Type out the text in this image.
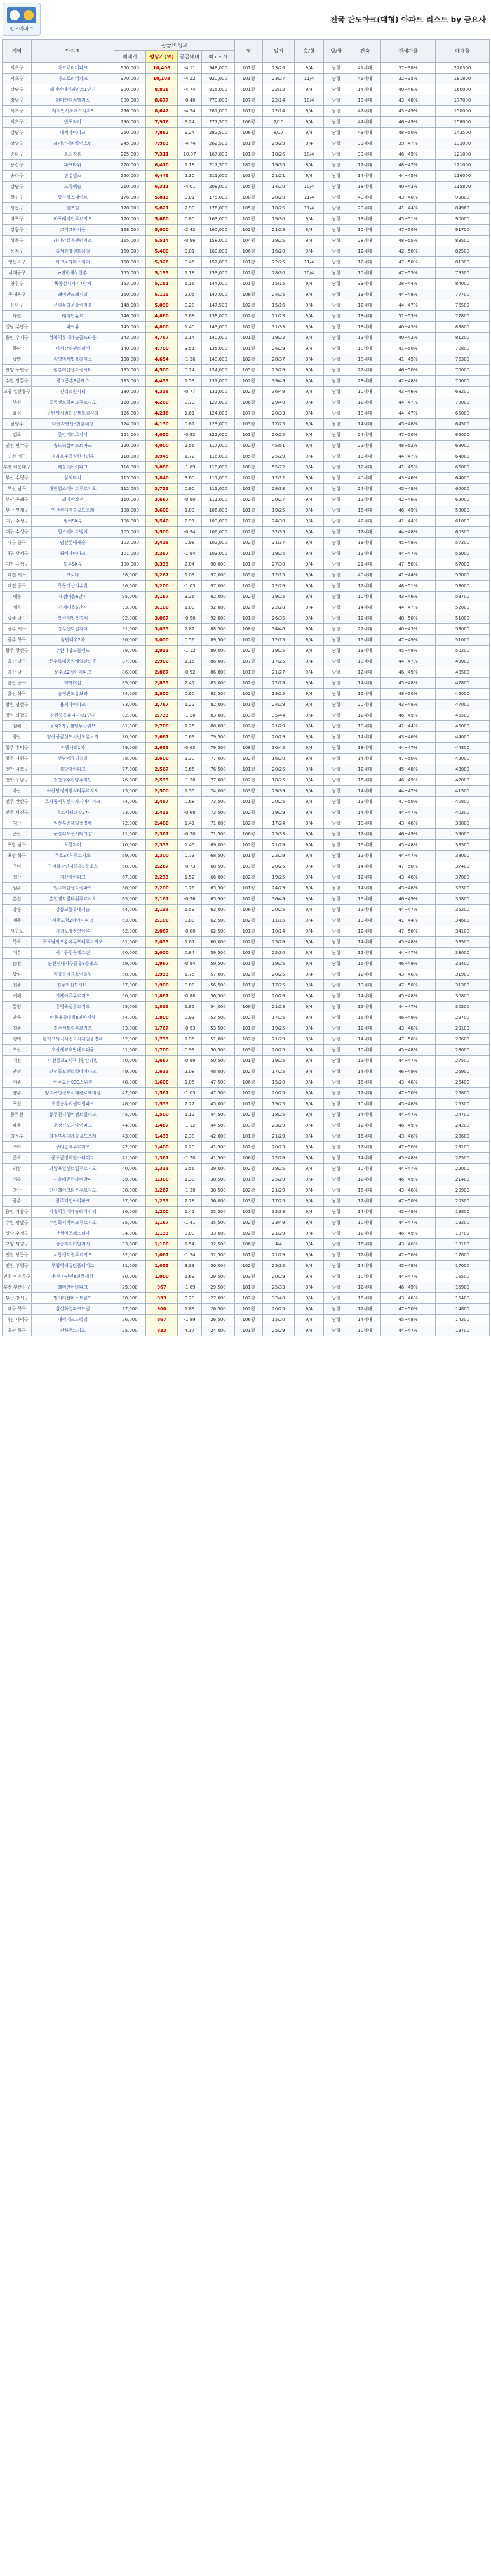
일조아파트
전국 판도아크(대형) 아파트 리스트 by 금요사
지역	단지명	공급액 정보				평	일자	층/향	방/향	건축	건세가율	매매율
		매매가	평당가(￦)	공급대비	최고시세							
서초구	아크로리버파크	950,000	10,406	-4.11	948,000	101평	23/26	9/4	남향	41세대	37~38%	220300
서초구	아크로리버파크	970,000	10,103	-4.22	920,000	101평	23/27	11/4	남향	41세대	32~35%	181800
강남구	래미안대치팰리스1단지	900,000	8,828	-4.74	815,000	101평	22/12	9/4	남향	14세대	40~46%	160000
강남구	래미안대치팰리스	880,000	8,677	-0.40	770,000	107평	22/14	10/4	남향	18세대	43~48%	177000
서초구	래미안서초에스티지S	296,000	8,642	-4.54	281,000	101평	22/14	9/4	남향	42세대	43~49%	150000
서초구	반포자이	290,000	7,976	9.24	277,500	106평	7/10	9/4	남향	44세대	46~49%	158000
강남구	대치아이파크	250,000	7,882	9.24	282,500	106평	8/17	9/4	남향	43세대	48~50%	143500
강남구	래미안대치하이스턴	245,000	7,963	-4.74	262,500	101평	29/29	9/4	남향	33세대	39~47%	133000
송파구	트리지움	225,000	7,311	10.97	167,000	101평	18/26	10/4	남향	33세대	46~49%	121000
용산구	파크타워	220,000	6,470	1.18	217,500	182평	19/35	8/4	남향	12세대	48~47%	121000
송파구	잠실엘스	220,000	6,448	2.30	211,000	103평	21/21	9/4	남향	14세대	44~45%	116000
강남구	도곡렉슬	210,000	6,311	-4.01	208,000	105평	14/20	10/4	남향	18세대	40~43%	115800
광진구	광장힐스테이트	176,000	5,813	0.01	175,000	108평	28/28	11/4	남향	40세대	43~40%	99800
성동구	텐즈힐	178,000	5,821	2.90	176,000	105평	18/25	11/4	남향	20세대	41~44%	84960
마포구	마포래미안푸르지오	170,000	5,660	0.80	163,000	102평	19/30	9/4	남향	18세대	45~51%	90000
강동구	고덕그라시움	168,000	5,600	-2.42	160,000	102평	21/28	8/4	남향	10세대	47~50%	91700
성북구	래미안길음센터피스	165,000	5,514	-0.96	158,000	104평	19/25	9/4	남향	28세대	48~55%	83500
동작구	흑석한강센트레빌	160,000	5,400	0.01	160,000	106평	16/20	9/4	남향	12세대	42~50%	82500
영등포구	아크로타워스퀘어	158,000	5,328	0.46	157,000	101평	22/25	11/4	남향	12세대	47~50%	81300
서대문구	e편한세상신촌	155,000	5,193	1.18	153,000	102평	28/30	10/4	남향	10세대	47~55%	79300
양천구	목동신시가지7단지	153,000	5,181	6.16	144,000	101평	15/15	9/4	남향	33세대	38~44%	84000
동대문구	래미안크레시티	150,000	5,125	2.05	147,000	106평	24/25	9/4	남향	13세대	44~48%	77700
은평구	은평뉴타운상림마을	148,000	5,090	0.28	147,500	102평	15/16	9/4	남향	12세대	44~47%	76500
과천	래미안슈르	146,000	4,860	5.68	138,000	102평	21/23	9/4	남향	18세대	51~53%	77800
성남 분당구	파크뷰	145,000	4,800	1.40	143,000	102평	31/33	9/4	남향	18세대	40~43%	83800
용인 수지구	성복역롯데캐슬골드타운	143,000	4,767	2.14	140,000	101평	19/22	9/4	남향	12세대	40~42%	81200
하남	미사강변센트리버	140,000	4,700	3.51	135,000	101평	26/29	9/4	남향	10세대	41~50%	70800
광명	광명역써밋플레이스	138,000	4,654	-1.36	140,000	102평	28/37	9/4	남향	18세대	41~45%	76300
안양 동안구	평촌더샵센트럴시티	135,000	4,500	0.74	134,000	105평	25/29	9/4	남향	22세대	46~50%	70000
수원 영통구	광교중흥S클래스	133,000	4,433	1.53	131,000	102평	39/49	9/4	남향	28세대	42~48%	75000
고양 일산동구	킨텍스원시티	130,000	4,338	-0.77	131,000	102평	36/49	9/4	남향	10세대	43~46%	68200
부천	중동센트럴파크푸르지오	128,000	4,280	0.79	127,000	106평	29/40	9/4	남향	12세대	44~47%	70000
화성	동탄역시범더샵센트럴시티	126,000	4,216	1.61	124,000	107평	20/33	9/4	남향	18세대	44~47%	65000
남양주	다산자연앤e편한세상	124,000	4,130	0.81	123,000	103평	17/25	9/4	남향	14세대	45~48%	64500
김포	한강메트로자이	121,000	4,050	-0.82	122,000	101평	20/25	9/4	남향	24세대	47~50%	66000
인천 연수구	송도더샵퍼스트파크	120,000	4,000	2.56	117,000	102평	45/51	9/4	남향	22세대	48~52%	68000
인천 서구	청라호수공원한신더휴	118,000	3,945	1.72	116,000	105평	25/29	9/4	남향	13세대	44~47%	64000
부산 해운대구	해운대아이파크	116,000	3,880	-1.69	118,000	108평	55/72	9/4	남향	12세대	41~45%	66000
부산 수영구	삼익비치	115,000	3,840	3.60	111,000	102평	12/12	9/4	남향	40세대	43~46%	64000
부산 남구	대연힐스테이트푸르지오	112,000	3,733	0.90	111,000	101평	28/33	9/4	남향	24세대	45~48%	60000
부산 동래구	래미안장전	110,000	3,667	-0.90	111,000	102평	20/27	9/4	남향	12세대	42~46%	62000
부산 연제구	연산롯데캐슬골드포레	108,000	3,600	1.89	106,000	101평	19/25	9/4	남향	16세대	46~49%	58000
대구 수성구	범어SK뷰	106,000	3,540	2.91	103,000	107평	24/30	9/4	남향	42세대	41~44%	61000
대구 수성구	힐스테이트범어	105,000	3,500	-0.94	106,000	102평	32/35	9/4	남향	12세대	44~48%	60300
대구 중구	남산롯데캐슬	103,000	3,438	0.98	102,000	102평	31/37	9/4	남향	18세대	45~48%	57300
대구 달서구	월배아이파크	101,000	3,367	-1.94	103,000	101평	19/24	9/4	남향	12세대	44~47%	55000
대전 유성구	도룡SK뷰	100,000	3,333	2.04	98,000	101평	27/30	9/4	남향	21세대	47~50%	57000
대전 서구	크로바	98,000	3,267	1.03	97,000	105평	12/15	9/4	남향	40세대	41~44%	56000
대전 중구	목동더샵리슈빌	96,000	3,200	-1.03	97,000	102평	22/29	9/4	남향	12세대	48~51%	53000
세종	새샘마을6단지	95,000	3,167	3.26	92,000	102평	19/25	9/4	남향	10세대	43~46%	53700
세종	가재마을5단지	93,000	3,100	1.09	92,000	102평	22/28	9/4	남향	14세대	44~47%	52000
광주 남구	봉선제일풍경채	92,000	3,067	-0.90	92,800	101평	26/35	9/4	남향	12세대	48~50%	51000
광주 서구	상무센트럴자이	91,000	3,033	2.82	88,500	108평	34/46	9/4	남향	22세대	40~43%	53000
광주 북구	첨단대우2차	90,000	3,000	0.56	89,500	102평	12/15	9/4	남향	16세대	47~49%	51000
광주 광산구	수완대방노블랜드	88,000	2,933	-1.12	89,000	102평	19/25	9/4	남향	13세대	45~48%	50200
울산 남구	문수로대공원에일린의뜰	87,000	2,900	1.16	86,000	107평	17/25	9/4	남향	18세대	44~47%	49000
울산 남구	문수로2차아이파크	86,000	2,867	-0.92	86,800	101평	21/27	9/4	남향	12세대	46~49%	48500
울산 중구	약사더샵	85,000	2,833	2.41	83,000	102평	22/29	9/4	남향	14세대	45~48%	47800
울산 북구	송정반도유보라	84,000	2,800	0.60	83,500	102평	19/25	9/4	남향	16세대	48~50%	46000
창원 성산구	용지아이파크	83,000	2,767	1.22	82,000	101평	24/29	9/4	남향	20세대	43~46%	47000
창원 의창구	창원중동유니시티1단지	82,000	2,733	-1.20	83,000	103평	35/44	9/4	남향	12세대	46~49%	45500
김해	율하2지구센텀두산위브	81,000	2,700	1.25	80,000	102평	21/29	9/4	남향	10세대	41~44%	45000
양산	양산물금신도시반도유보라	80,000	2,667	0.63	79,500	105평	20/29	9/4	남향	14세대	43~46%	44000
청주 흥덕구	지웰시티1차	79,000	2,633	-0.63	79,500	108평	30/45	9/4	남향	18세대	44~47%	44300
청주 서원구	산남계룡리슈빌	78,000	2,600	1.30	77,000	102평	16/20	9/4	남향	14세대	47~50%	42000
천안 서북구	불당아이파크	77,000	2,567	0.65	76,500	101평	20/25	9/4	남향	12세대	45~48%	43000
천안 동남구	천안청수한양수자인	76,000	2,533	-1.30	77,000	102평	18/25	9/4	남향	16세대	46~49%	42000
아산	아산탕정지웰시티푸르지오	75,000	2,500	1.35	74,000	103평	29/39	9/4	남향	14세대	44~47%	41500
전주 완산구	효자동서부신시가지아이파크	74,000	2,467	0.68	73,500	101평	20/25	9/4	남향	12세대	47~50%	40800
전주 덕진구	에코시티더샵2차	73,000	2,433	-0.68	73,500	102평	19/29	9/4	남향	14세대	44~47%	40200
익산	익산부송제일풍경채	72,000	2,400	1.41	71,000	102평	17/24	9/4	남향	10세대	43~46%	39800
군산	군산디오션시티더샵	71,000	2,367	-0.70	71,500	106평	25/33	9/4	남향	12세대	46~49%	39000
포항 남구	포항자이	70,000	2,333	1.45	69,000	102평	21/29	9/4	남향	16세대	45~48%	38500
포항 북구	두호SK뷰푸르지오	69,000	2,300	0.73	68,500	101평	22/29	9/4	남향	12세대	44~47%	38000
구미	구미확장단지중흥S클래스	68,000	2,267	-0.73	68,500	103평	20/25	9/4	남향	14세대	47~50%	37400
경산	경산아이파크	67,000	2,233	1.52	66,000	102평	19/25	9/4	남향	12세대	43~46%	37000
원주	원주더샵센트럴파크	66,000	2,200	0.76	65,500	101평	24/29	9/4	남향	14세대	45~48%	36300
춘천	춘천센트럴타워푸르지오	65,000	2,167	-0.76	65,500	102평	36/49	9/4	남향	16세대	46~49%	35800
강릉	강릉교동롯데캐슬	64,000	2,133	1.59	63,000	106평	20/25	9/4	남향	12세대	44~47%	35200
제주	제주노형2차아이파크	63,000	2,100	0.80	62,500	102평	11/15	9/4	남향	10세대	41~44%	34600
서귀포	서귀포강정코아루	62,000	2,067	-0.80	62,500	101평	10/14	9/4	남향	12세대	47~50%	34100
목포	목포남악오룡에듀포레푸르지오	61,000	2,033	1.67	60,000	102평	25/29	9/4	남향	14세대	45~48%	33500
여수	여수웅천꿈에그린	60,000	2,000	0.84	59,500	103평	22/30	9/4	남향	12세대	44~47%	33000
순천	순천신대지구중흥S클래스	59,000	1,967	-0.84	59,500	101평	19/25	9/4	남향	16세대	46~49%	32400
광양	광양중마금호어울림	58,000	1,933	1.75	57,000	102평	20/25	9/4	남향	12세대	43~46%	31900
진주	진주혁신도시LH	57,000	1,900	0.88	56,500	101평	17/25	9/4	남향	10세대	47~50%	31300
거제	거제아주푸르지오	56,000	1,867	-0.88	56,500	102평	20/29	9/4	남향	14세대	45~48%	30800
통영	통영죽림푸르지오	55,000	1,833	1.85	54,000	106평	21/29	9/4	남향	12세대	44~47%	30200
안동	안동옥동대림e편한세상	54,000	1,800	0.93	53,500	102평	17/25	9/4	남향	16세대	46~49%	29700
경주	경주센트럴푸르지오	53,000	1,767	-0.93	53,500	101평	19/25	9/4	남향	12세대	43~46%	29100
평택	평택고덕국제신도시제일풍경채	52,000	1,733	1.96	51,000	102평	21/29	9/4	남향	14세대	47~50%	28600
오산	오산세교호반베르디움	51,000	1,700	0.99	50,500	103평	20/25	9/4	남향	10세대	45~48%	28000
이천	이천증포3지구대원칸타빌	50,000	1,667	-0.99	50,500	101평	19/25	9/4	남향	12세대	44~47%	27500
안성	안성공도센트럴아이파크	49,000	1,633	2.08	48,000	102평	17/25	9/4	남향	14세대	46~49%	26900
여주	여주교동KCC스위첸	48,000	1,600	1.05	47,500	106평	15/20	9/4	남향	16세대	43~46%	26400
양주	양주옥정신도시대광로제비앙	47,000	1,567	-1.05	47,500	102평	20/25	9/4	남향	12세대	47~50%	25800
포천	포천송우리센트럴파크	46,000	1,533	2.22	45,000	101평	19/25	9/4	남향	10세대	45~48%	25300
동두천	동두천지행역센트럴파크	45,000	1,500	1.12	44,500	102평	18/25	9/4	남향	14세대	44~47%	24700
파주	운정신도시아이파크	44,000	1,467	-1.12	44,500	103평	23/29	9/4	남향	12세대	46~49%	24200
의정부	의정부롯데캐슬골드포레	43,000	1,433	2.38	42,000	101평	21/29	9/4	남향	16세대	43~46%	23600
구리	구리갈매푸르지오	42,000	1,400	1.20	41,500	102평	20/25	9/4	남향	12세대	47~50%	23100
군포	군포금정역힐스테이트	41,000	1,367	-1.20	41,500	106평	22/29	9/4	남향	14세대	45~48%	22500
의왕	의왕포일센트럴푸르지오	40,000	1,333	2.56	39,000	102평	19/25	9/4	남향	10세대	44~47%	22000
시흥	시흥배곧한라비발디	39,000	1,300	1.30	38,500	101평	25/29	9/4	남향	12세대	46~49%	21400
안산	안산레이크타운푸르지오	38,000	1,267	-1.30	38,500	102평	21/29	9/4	남향	16세대	43~46%	20900
광주	광주태전아이파크	37,000	1,233	2.78	36,000	103평	17/25	9/4	남향	12세대	47~50%	20300
용인 기흥구	기흥역롯데캐슬레이시티	36,000	1,200	1.41	35,500	101평	32/39	9/4	남향	14세대	45~48%	19800
수원 팔달구	수원화서역파크푸르지오	35,000	1,167	-1.41	35,500	102평	33/49	9/4	남향	10세대	44~47%	19200
성남 수정구	산성역포레스티아	34,000	1,133	3.03	33,000	102평	21/29	9/4	남향	12세대	46~49%	18700
고양 덕양구	삼송자이더빌리지	33,000	1,100	1.54	32,500	106평	4/4	9/4	남향	16세대	43~46%	18100
인천 남동구	서창센트럴푸르지오	32,000	1,067	-1.54	32,500	101평	21/29	9/4	남향	12세대	47~50%	17600
인천 부평구	부평역해링턴플레이스	31,000	1,033	3.33	30,000	102평	25/35	9/4	남향	14세대	45~48%	17000
인천 미추홀구	용현자연앤e편한세상	30,000	1,000	1.69	29,500	103평	20/29	9/4	남향	10세대	44~47%	16500
부산 부산진구	래미안어반파크	29,000	967	-1.69	29,500	101평	25/33	9/4	남향	12세대	46~49%	15900
부산 강서구	명지더샵퍼스트월드	28,000	933	3.70	27,000	102평	32/40	9/4	남향	16세대	43~46%	15400
대구 북구	침산화성파크드림	27,000	900	1.89	26,500	102평	20/25	9/4	남향	12세대	47~50%	14800
대전 대덕구	대덕테크노밸리	26,000	867	-1.89	26,500	106평	15/20	9/4	남향	14세대	45~48%	14300
울산 동구	전하푸르지오	25,000	833	4.17	24,000	101평	25/29	9/4	남향	10세대	44~47%	13700
